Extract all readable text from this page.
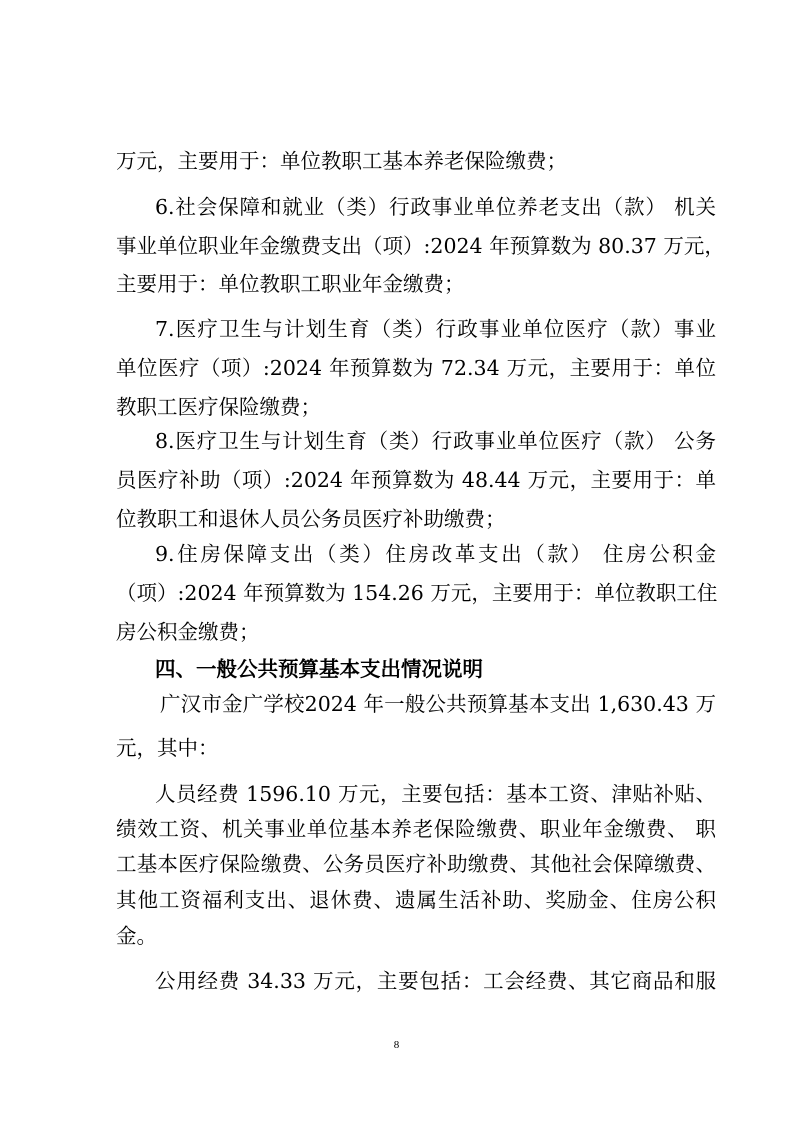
万元，主要用于：单位教职工基本养老保险缴费；
6.社会保障和就业（类）行政事业单位养老支出（款） 机关
事业单位职业年金缴费支出（项）:2024 年预算数为 80.37 万元，
主要用于：单位教职工职业年金缴费；
7.医疗卫生与计划生育（类）行政事业单位医疗（款）事业
单位医疗（项）:2024 年预算数为 72.34 万元，主要用于：单位
教职工医疗保险缴费；
8.医疗卫生与计划生育（类）行政事业单位医疗（款） 公务
员医疗补助（项）:2024 年预算数为 48.44 万元，主要用于：单
位教职工和退休人员公务员医疗补助缴费；
9.住房保障支出（类）住房改革支出（款） 住房公积金
（项）:2024 年预算数为 154.26 万元，主要用于：单位教职工住
房公积金缴费；
四、一般公共预算基本支出情况说明
广汉市金广学校2024 年一般公共预算基本支出 1,630.43 万
元，其中：
人员经费 1596.10 万元，主要包括：基本工资、津贴补贴、
绩效工资、机关事业单位基本养老保险缴费、职业年金缴费、 职
工基本医疗保险缴费、公务员医疗补助缴费、其他社会保障缴费、
其他工资福利支出、退休费、遗属生活补助、奖励金、住房公积
金。
公用经费 34.33 万元，主要包括：工会经费、其它商品和服
8
